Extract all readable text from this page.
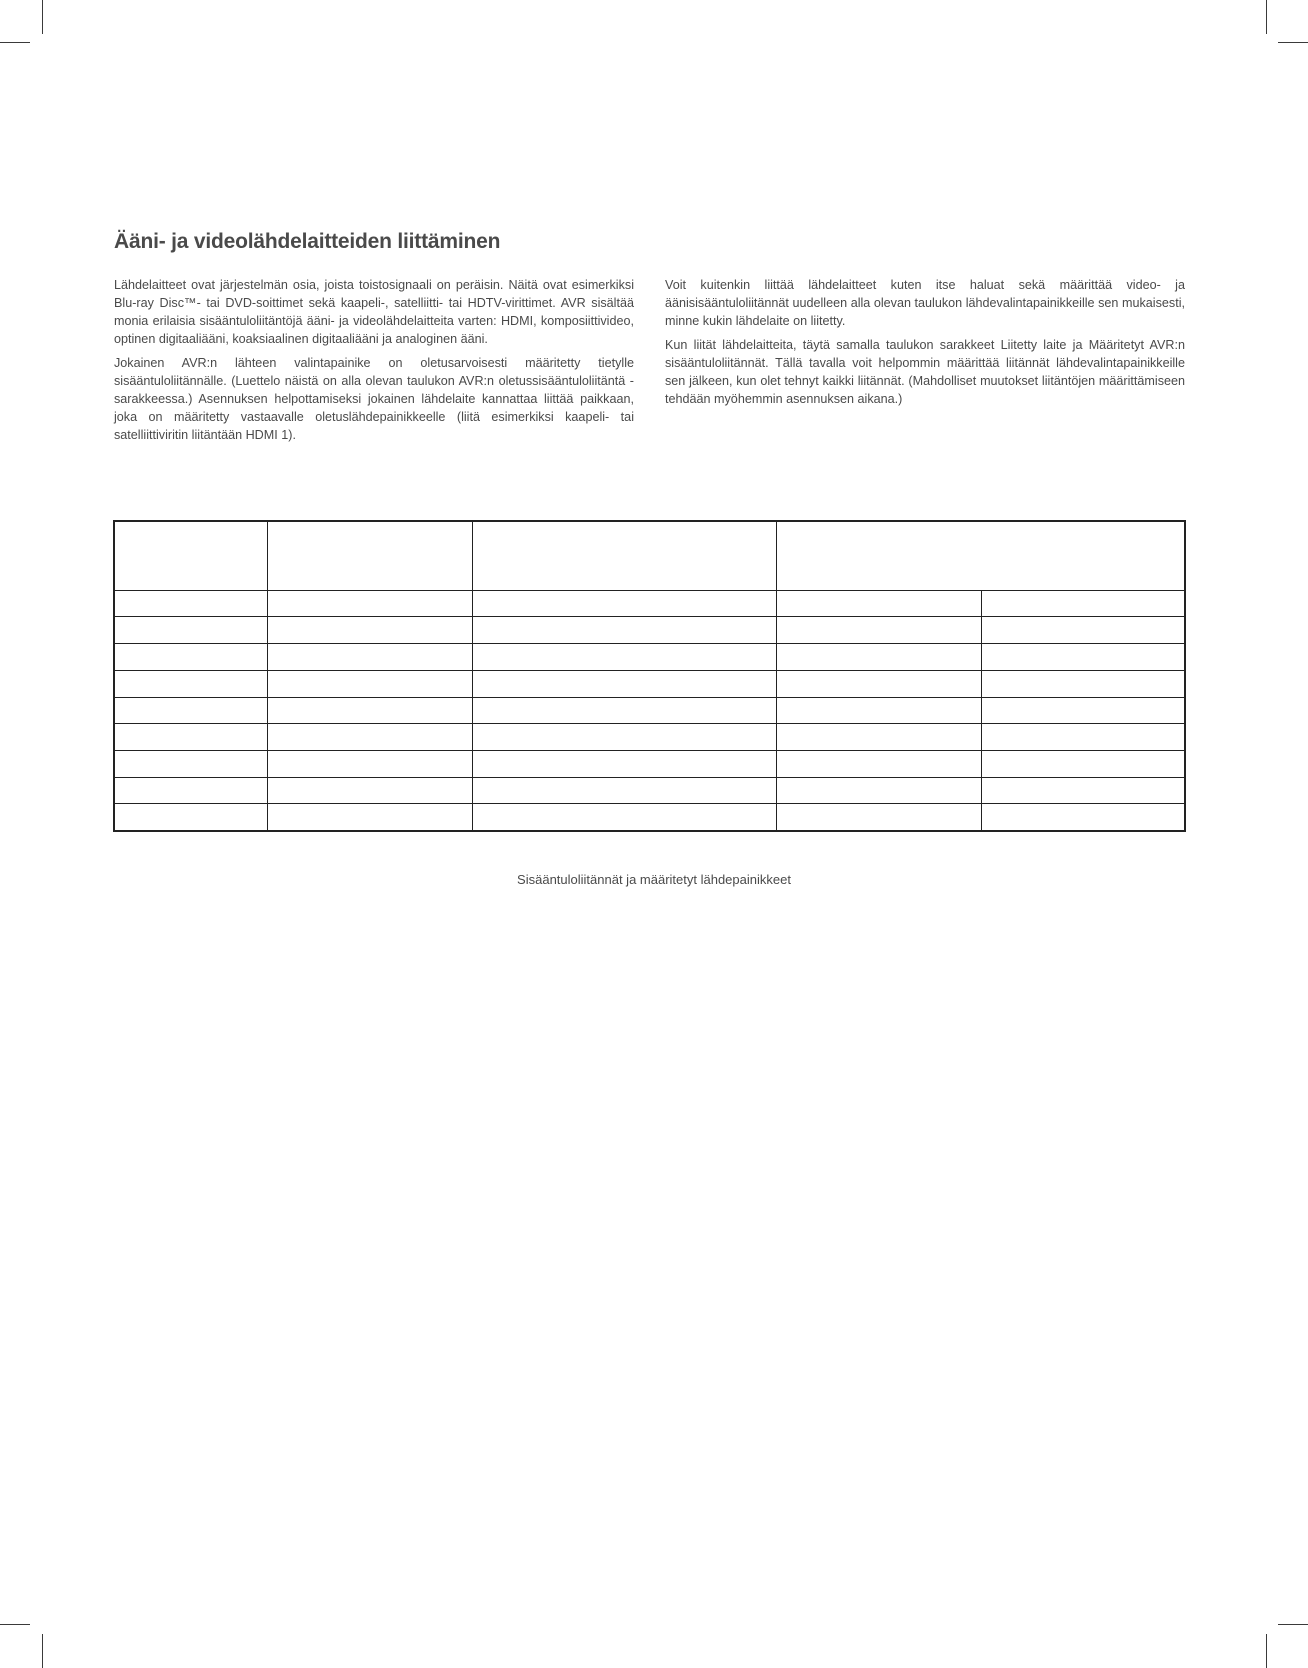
Ääni- ja videolähdelaitteiden liittäminen

Lähdelaitteet ovat järjestelmän osia, joista toistosignaali on peräisin. Näitä ovat esimerkiksi Blu-ray Disc™- tai DVD-soittimet sekä kaapeli-, satelliitti- tai HDTV-virittimet. AVR sisältää monia erilaisia sisääntuloliitäntöjä ääni- ja videolähdelaitteita varten: HDMI, komposiittivideo, optinen digitaaliääni, koaksiaalinen digitaaliääni ja analoginen ääni.

Jokainen AVR:n lähteen valintapainike on oletusarvoisesti määritetty tietylle sisääntuloliitännälle. (Luettelo näistä on alla olevan taulukon AVR:n oletussisääntuloliitäntä -sarakkeessa.) Asennuksen helpottamiseksi jokainen lähdelaite kannattaa liittää paikkaan, joka on määritetty vastaavalle oletuslähdepainikkeelle (liitä esimerkiksi kaapeli- tai satelliittiviritin liitäntään HDMI 1).

Voit kuitenkin liittää lähdelaitteet kuten itse haluat sekä määrittää video- ja äänisisääntuloliitännät uudelleen alla olevan taulukon lähdevalintapainikkeille sen mukaisesti, minne kukin lähdelaite on liitetty.

Kun liität lähdelaitteita, täytä samalla taulukon sarakkeet Liitetty laite ja Määritetyt AVR:n sisääntuloliitännät. Tällä tavalla voit helpommin määrittää liitännät lähdevalintapainikkeille sen jälkeen, kun olet tehnyt kaikki liitännät. (Mahdolliset muutokset liitäntöjen määrittämiseen tehdään myöhemmin asennuksen aikana.)

Sisääntuloliitännät ja määritetyt lähdepainikkeet
